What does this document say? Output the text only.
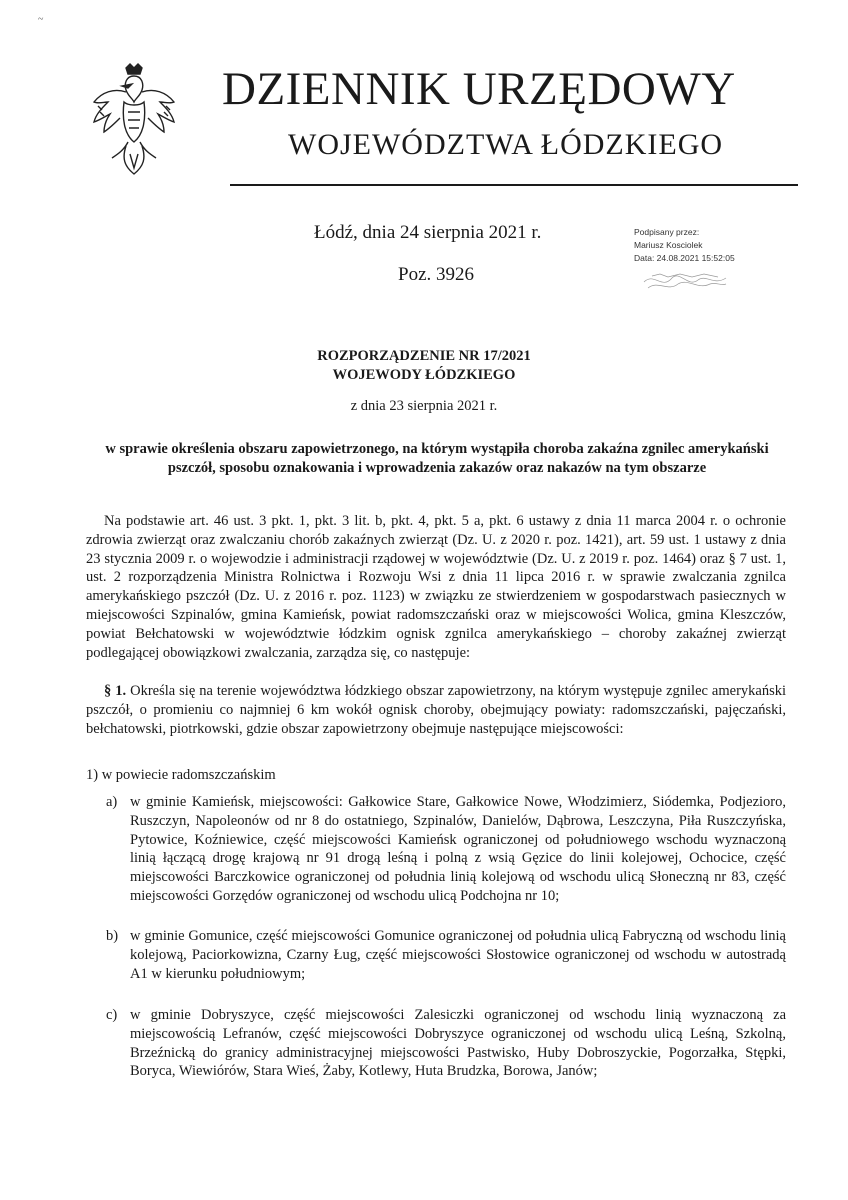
~
DZIENNIK URZĘDOWY
WOJEWÓDZTWA ŁÓDZKIEGO
Łódź, dnia 24 sierpnia 2021 r.
Poz. 3926
Podpisany przez:
Mariusz Kosciolek
Data: 24.08.2021 15:52:05
ROZPORZĄDZENIE NR 17/2021
WOJEWODY ŁÓDZKIEGO
z dnia 23 sierpnia 2021 r.
w sprawie określenia obszaru zapowietrzonego, na którym wystąpiła choroba zakaźna zgnilec amerykański pszczół, sposobu oznakowania i wprowadzenia zakazów oraz nakazów na tym obszarze
Na podstawie art. 46 ust. 3 pkt. 1, pkt. 3 lit. b, pkt. 4, pkt. 5 a, pkt. 6 ustawy z dnia 11 marca 2004 r. o ochronie zdrowia zwierząt oraz zwalczaniu chorób zakaźnych zwierząt (Dz. U. z 2020 r. poz. 1421), art. 59 ust. 1 ustawy z dnia 23 stycznia 2009 r. o wojewodzie i administracji rządowej w województwie (Dz. U. z 2019 r. poz. 1464) oraz § 7 ust. 1, ust. 2 rozporządzenia Ministra Rolnictwa i Rozwoju Wsi z dnia 11 lipca 2016 r. w sprawie zwalczania zgnilca amerykańskiego pszczół (Dz. U. z 2016 r. poz. 1123) w związku ze stwierdzeniem w gospodarstwach pasiecznych w miejscowości Szpinalów, gmina Kamieńsk, powiat radomszczański oraz w miejscowości Wolica, gmina Kleszczów, powiat Bełchatowski w województwie łódzkim ognisk zgnilca amerykańskiego – choroby zakaźnej zwierząt podlegającej obowiązkowi zwalczania, zarządza się, co następuje:
§ 1. Określa się na terenie województwa łódzkiego obszar zapowietrzony, na którym występuje zgnilec amerykański pszczół, o promieniu co najmniej 6 km wokół ognisk choroby, obejmujący powiaty: radomszczański, pajęczański, bełchatowski, piotrkowski, gdzie obszar zapowietrzony obejmuje następujące miejscowości:
1) w powiecie radomszczańskim
a) w gminie Kamieńsk, miejscowości: Gałkowice Stare, Gałkowice Nowe, Włodzimierz, Siódemka, Podjezioro, Ruszczyn, Napoleonów od nr 8 do ostatniego, Szpinalów, Danielów, Dąbrowa, Leszczyna, Piła Ruszczyńska, Pytowice, Koźniewice, część miejscowości Kamieńsk ograniczonej od południowego wschodu wyznaczoną linią łączącą drogę krajową nr 91 drogą leśną i polną z wsią Gęzice do linii kolejowej, Ochocice, część miejscowości Barczkowice ograniczonej od południa linią kolejową od wschodu ulicą Słoneczną nr 83, część miejscowości Gorzędów ograniczonej od wschodu ulicą Podchojna nr 10;
b) w gminie Gomunice, część miejscowości Gomunice ograniczonej od południa ulicą Fabryczną od wschodu linią kolejową, Paciorkowizna, Czarny Ług, część miejscowości Słostowice ograniczonej od wschodu w autostradą A1 w kierunku południowym;
c) w gminie Dobryszyce, część miejscowości Zalesiczki ograniczonej od wschodu linią wyznaczoną za miejscowością Lefranów, część miejscowości Dobryszyce ograniczonej od wschodu ulicą Leśną, Szkolną, Brzeźnicką do granicy administracyjnej miejscowości Pastwisko, Huby Dobroszyckie, Pogorzałka, Stępki, Boryca, Wiewiórów, Stara Wieś, Żaby, Kotlewy, Huta Brudzka, Borowa, Janów;
